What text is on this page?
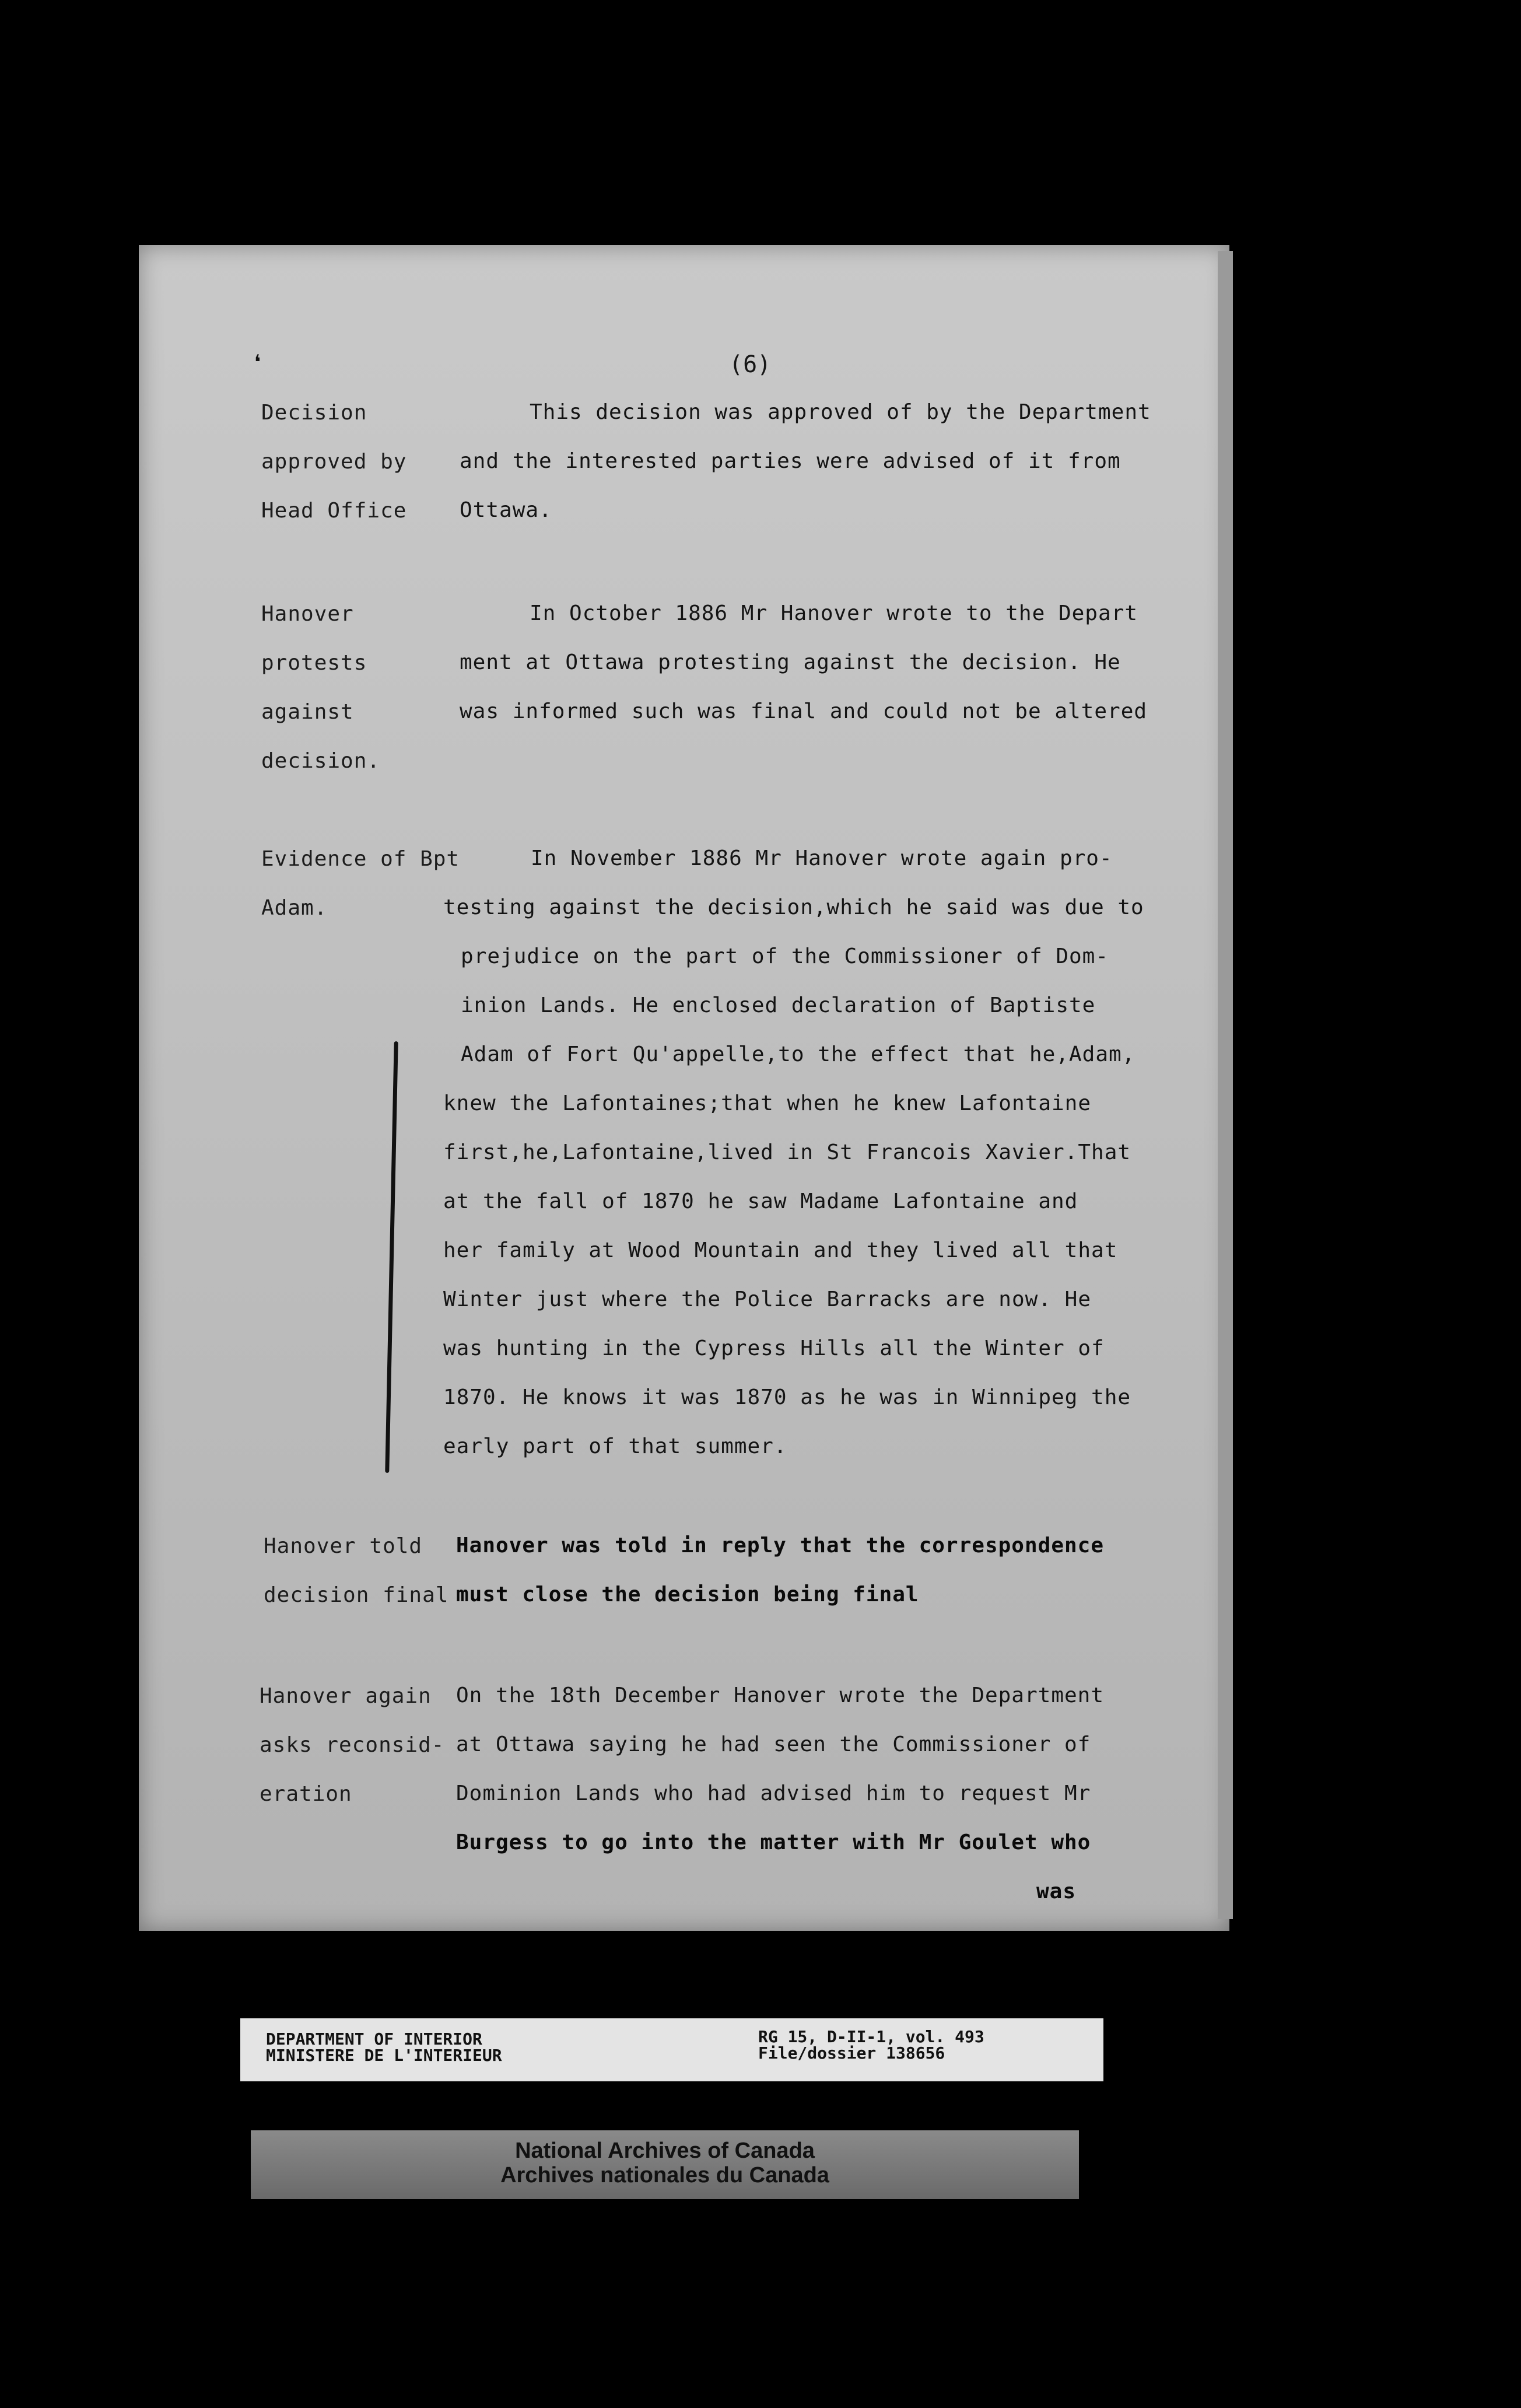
❛	(6)
Decision
approved by
Head Office
This decision was approved of by the Department
and the interested parties were advised of it from
Ottawa.
Hanover
protests
against
decision.
In October 1886 Mr Hanover wrote to the Depart
ment at Ottawa protesting against the decision. He
was informed such was final and could not be altered
Evidence of Bpt
Adam.
In November 1886 Mr Hanover wrote again pro-
testing against the decision,which he said was due to
prejudice on the part of the Commissioner of Dom-
inion Lands. He enclosed declaration of Baptiste
Adam of Fort Qu'appelle,to the effect that he,Adam,
knew the Lafontaines;that when he knew Lafontaine
first,he,Lafontaine,lived in St Francois Xavier.That
at the fall of 1870 he saw Madame Lafontaine and
her family at Wood Mountain and they lived all that
Winter just where the Police Barracks are now. He
was hunting in the Cypress Hills all the Winter of
1870. He knows it was 1870 as he was in Winnipeg the
early part of that summer.
Hanover told
decision final
Hanover was told in reply that the correspondence
must close the decision being final
Hanover again
asks reconsid-
eration
On the 18th December Hanover wrote the Department
at Ottawa saying he had seen the Commissioner of
Dominion Lands who had advised him to request Mr
Burgess to go into the matter with Mr Goulet who
was
DEPARTMENT OF INTERIOR
MINISTERE DE L'INTERIEUR
RG 15, D-II-1, vol. 493
File/dossier 138656
National Archives of Canada
Archives nationales du Canada
